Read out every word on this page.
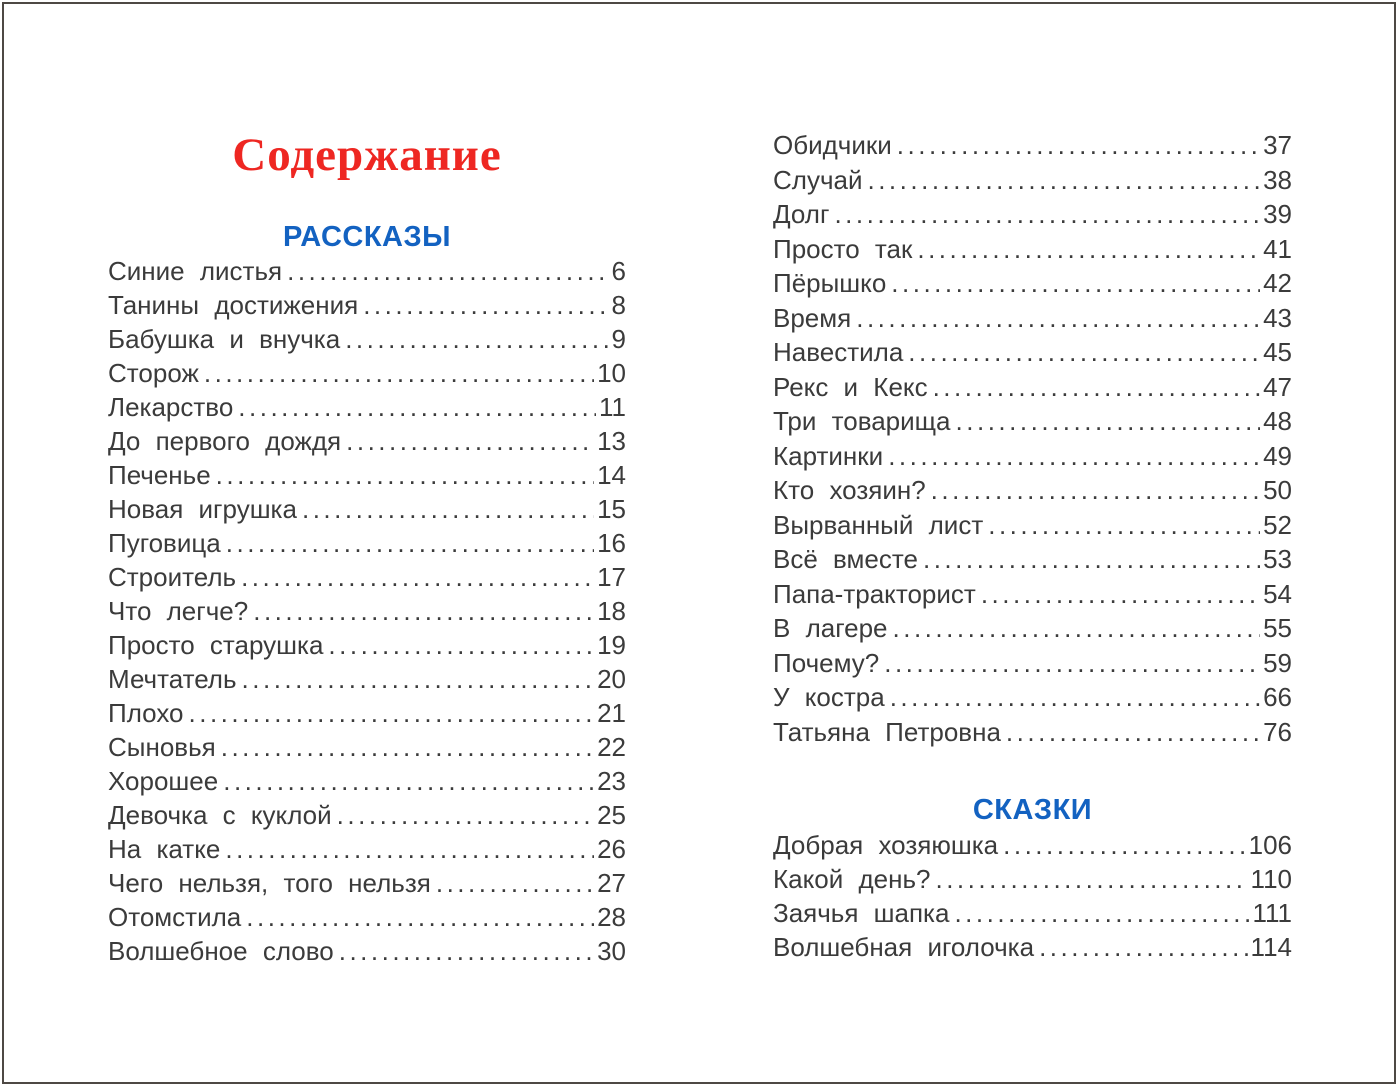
Содержание
РАССКАЗЫ
Синие листья .....	6
Танины достижения .....	8
Бабушка и внучка .....	9
Сторож .....	10
Лекарство .....	11
До первого дождя .....	13
Печенье .....	14
Новая игрушка .....	15
Пуговица .....	16
Строитель .....	17
Что легче? .....	18
Просто старушка .....	19
Мечтатель .....	20
Плохо .....	21
Сыновья .....	22
Хорошее .....	23
Девочка с куклой .....	25
На катке .....	26
Чего нельзя, того нельзя .....	27
Отомстила .....	28
Волшебное слово .....	30
Обидчики .....	37
Случай .....	38
Долг .....	39
Просто так .....	41
Пёрышко .....	42
Время .....	43
Навестила .....	45
Рекс и Кекс .....	47
Три товарища .....	48
Картинки .....	49
Кто хозяин? .....	50
Вырванный лист .....	52
Всё вместе .....	53
Папа-тракторист .....	54
В лагере .....	55
Почему? .....	59
У костра .....	66
Татьяна Петровна .....	76
СКАЗКИ
Добрая хозяюшка .....	106
Какой день? .....	110
Заячья шапка .....	111
Волшебная иголочка .....	114
